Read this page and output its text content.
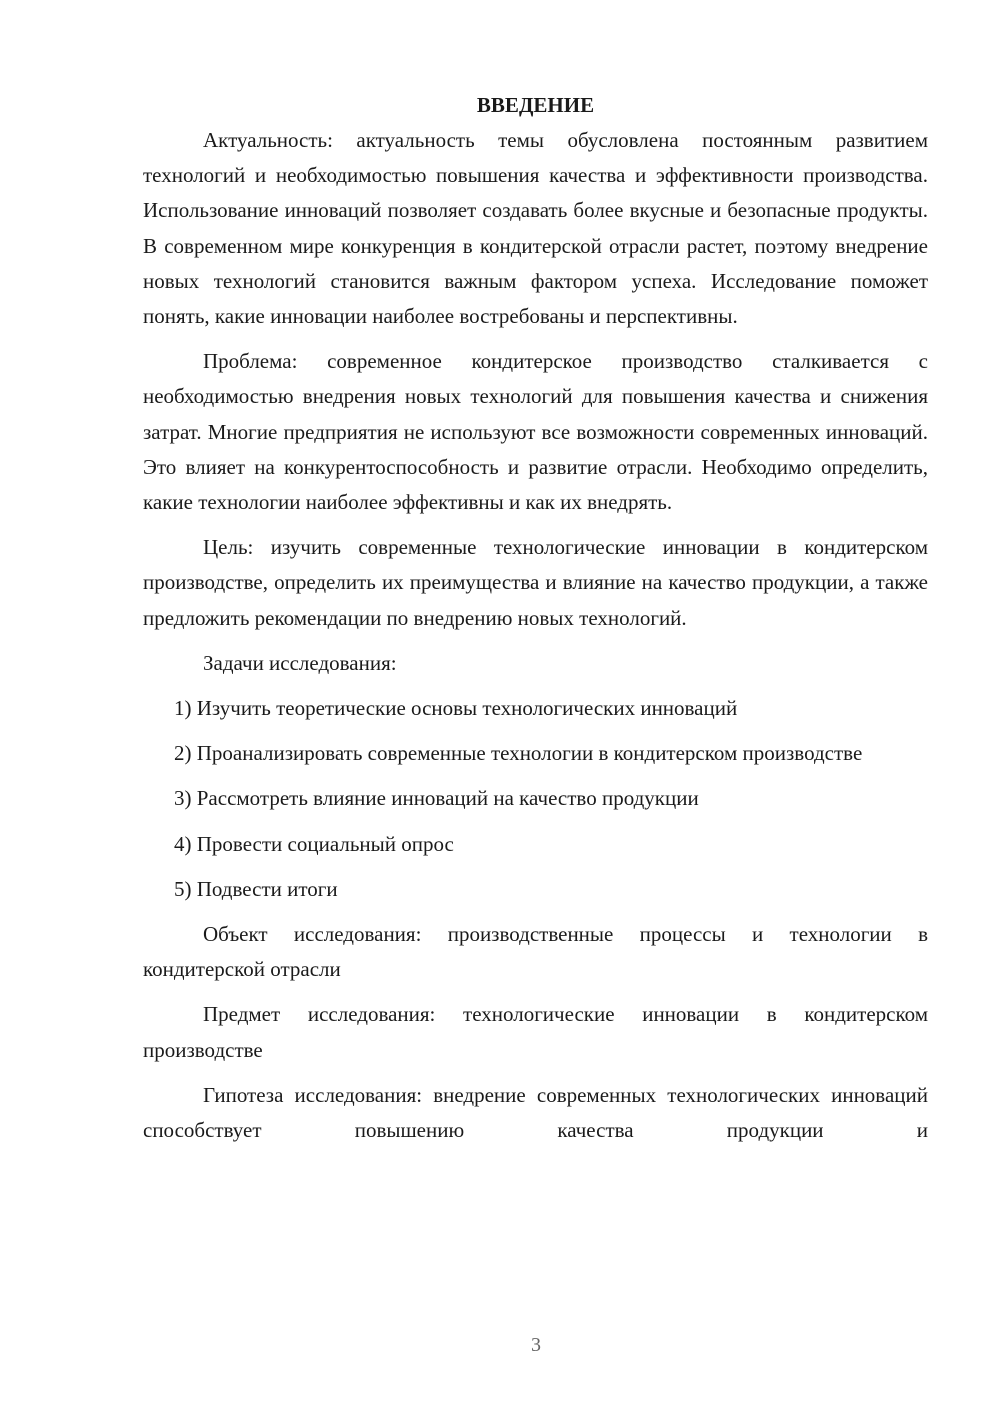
ВВЕДЕНИЕ

Актуальность: актуальность темы обусловлена постоянным развитием технологий и необходимостью повышения качества и эффективности производства. Использование инноваций позволяет создавать более вкусные и безопасные продукты. В современном мире конкуренция в кондитерской отрасли растет, поэтому внедрение новых технологий становится важным фактором успеха. Исследование поможет понять, какие инновации наиболее востребованы и перспективны.

Проблема: современное кондитерское производство сталкивается с необходимостью внедрения новых технологий для повышения качества и снижения затрат. Многие предприятия не используют все возможности современных инноваций. Это влияет на конкурентоспособность и развитие отрасли. Необходимо определить, какие технологии наиболее эффективны и как их внедрять.

Цель: изучить современные технологические инновации в кондитерском производстве, определить их преимущества и влияние на качество продукции, а также предложить рекомендации по внедрению новых технологий.

Задачи исследования:

1) Изучить теоретические основы технологических инноваций

2) Проанализировать современные технологии в кондитерском производстве

3) Рассмотреть влияние инноваций на качество продукции

4) Провести социальный опрос

5) Подвести итоги

Объект исследования: производственные процессы и технологии в кондитерской отрасли

Предмет исследования: технологические инновации в кондитерском производстве

Гипотеза исследования: внедрение современных технологических инноваций способствует повышению качества продукции и

3
